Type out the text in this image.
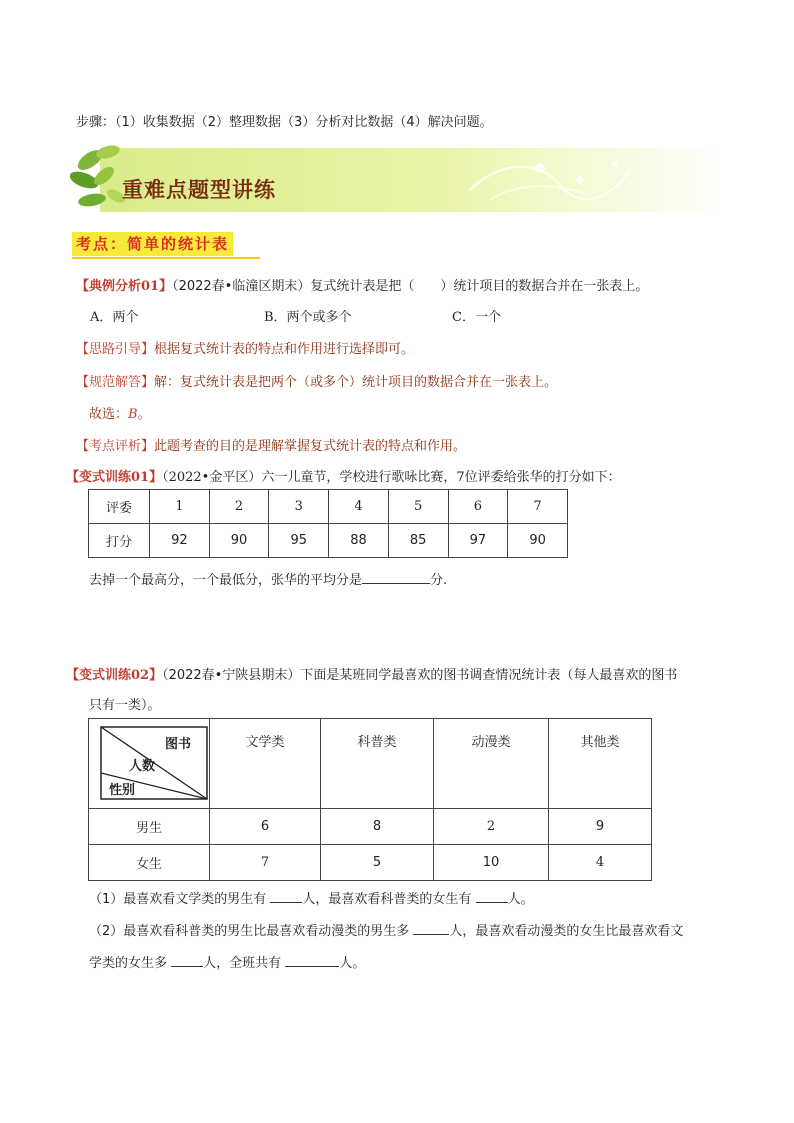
步骤：（1）收集数据（2）整理数据（3）分析对比数据（4）解决问题。
重难点题型讲练
考点：简单的统计表
【典例分析01】（2022春•临潼区期末）复式统计表是把（　　）统计项目的数据合并在一张表上。
A．两个	B．两个或多个	C．一个
【思路引导】根据复式统计表的特点和作用进行选择即可。
【规范解答】解：复式统计表是把两个（或多个）统计项目的数据合并在一张表上。
故选：B。
【考点评析】此题考查的目的是理解掌握复式统计表的特点和作用。
【变式训练01】（2022•金平区）六一儿童节，学校进行歌咏比赛，7位评委给张华的打分如下：
评委	1	2	3	4	5	6	7
打分	92	90	95	88	85	97	90
去掉一个最高分，一个最低分，张华的平均分是	分.
【变式训练02】（2022春•宁陕县期末）下面是某班同学最喜欢的图书调查情况统计表（每人最喜欢的图书
只有一类）。
图书
人数
性别	文学类	科普类	动漫类	其他类
男生	6	8	2	9
女生	7	5	10	4
（1）最喜欢看文学类的男生有	人，最喜欢看科普类的女生有	人。
（2）最喜欢看科普类的男生比最喜欢看动漫类的男生多	人，最喜欢看动漫类的女生比最喜欢看文
学类的女生多	人，全班共有	人。
